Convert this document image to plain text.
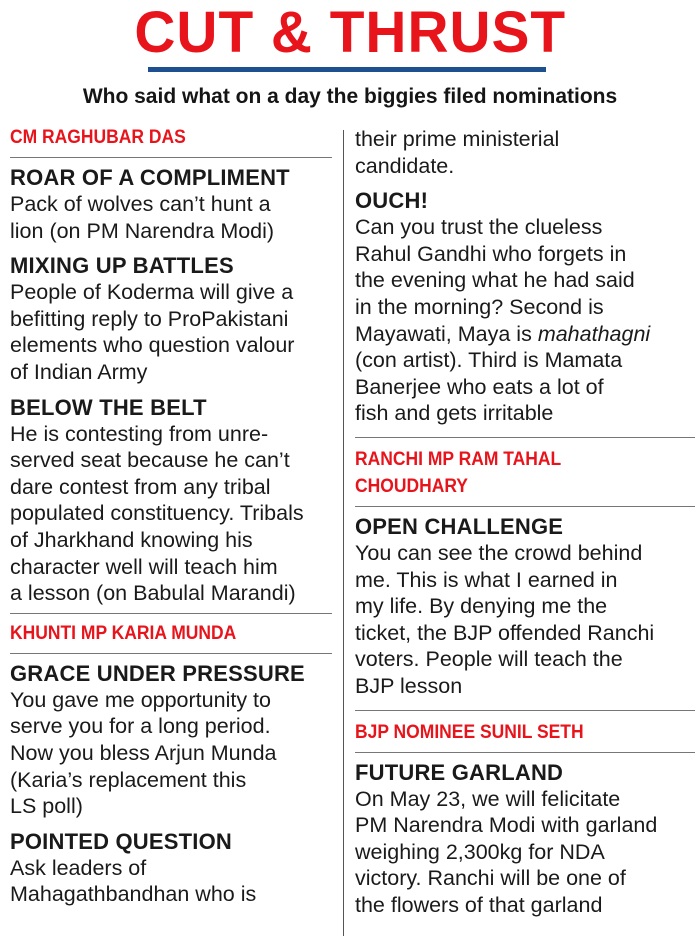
CUT & THRUST
Who said what on a day the biggies filed nominations
CM RAGHUBAR DAS
ROAR OF A COMPLIMENT
Pack of wolves can’t hunt a
lion (on PM Narendra Modi)
MIXING UP BATTLES
People of Koderma will give a
befitting reply to ProPakistani
elements who question valour
of Indian Army
BELOW THE BELT
He is contesting from unre-
served seat because he can’t
dare contest from any tribal
populated constituency. Tribals
of Jharkhand knowing his
character well will teach him
a lesson (on Babulal Marandi)
KHUNTI MP KARIA MUNDA
GRACE UNDER PRESSURE
You gave me opportunity to
serve you for a long period.
Now you bless Arjun Munda
(Karia’s replacement this
LS poll)
POINTED QUESTION
Ask leaders of
Mahagathbandhan who is
their prime ministerial
candidate.
OUCH!
Can you trust the clueless
Rahul Gandhi who forgets in
the evening what he had said
in the morning? Second is
Mayawati, Maya is mahathagni
(con artist). Third is Mamata
Banerjee who eats a lot of
fish and gets irritable
RANCHI MP RAM TAHAL
CHOUDHARY
OPEN CHALLENGE
You can see the crowd behind
me. This is what I earned in
my life. By denying me the
ticket, the BJP offended Ranchi
voters. People will teach the
BJP lesson
BJP NOMINEE SUNIL SETH
FUTURE GARLAND
On May 23, we will felicitate
PM Narendra Modi with garland
weighing 2,300kg for NDA
victory. Ranchi will be one of
the flowers of that garland
